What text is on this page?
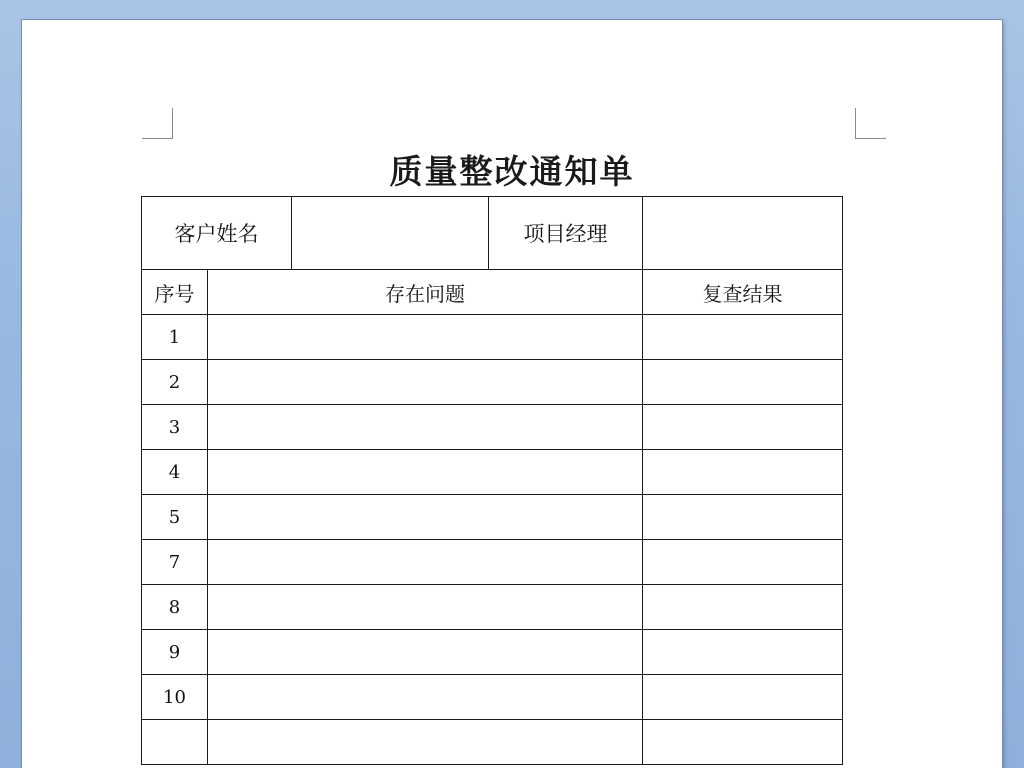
质量整改通知单
客户姓名			项目经理	
序号	存在问题			复查结果
1				
2				
3				
4				
5				
7				
8				
9				
10				
